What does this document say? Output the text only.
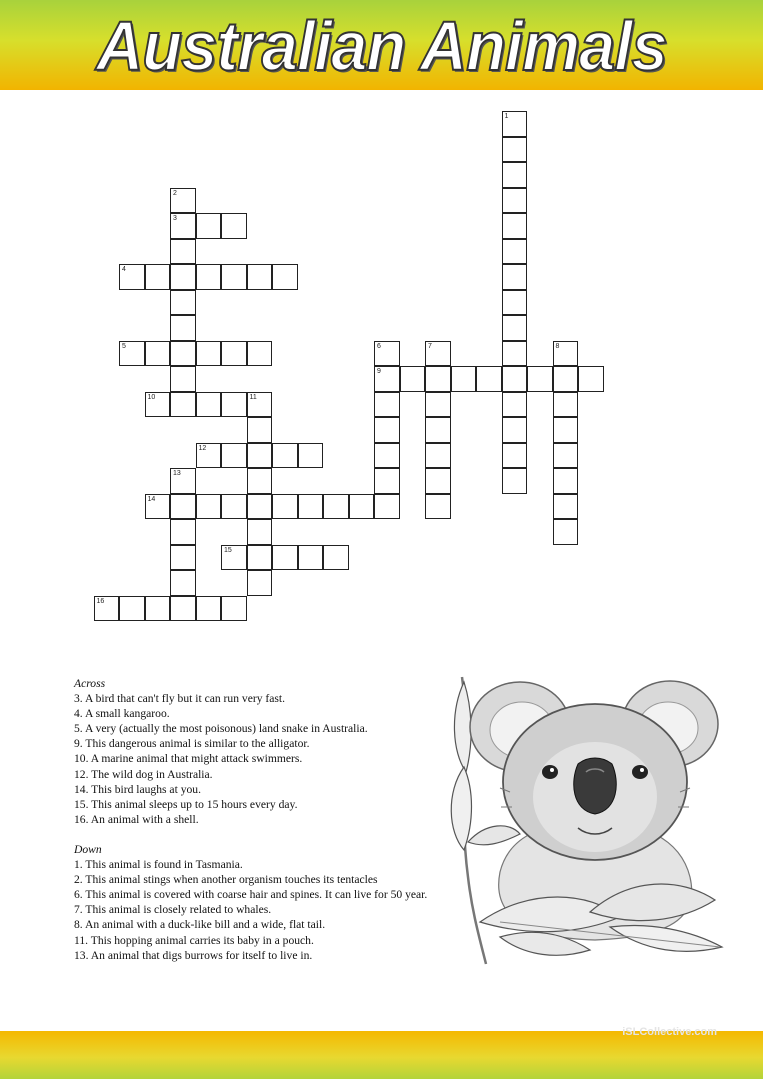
Australian Animals
1
2
3
4
5	6
9
7	8
10	11
12
13
14
15
16
Across
3. A bird that can't fly but it can run very fast.
4. A small kangaroo.
5. A very (actually the most poisonous) land snake in Australia.
9. This dangerous animal is similar to the alligator.
10. A marine animal that might attack swimmers.
12. The wild dog in Australia.
14. This bird laughs at you.
15. This animal sleeps up to 15 hours every day.
16. An animal with a shell.
Down
1. This animal is found in Tasmania.
2. This animal stings when another organism touches its tentacles
6. This animal is covered with coarse hair and spines. It can live for 50 year.
7. This animal is closely related to whales.
8. An animal with a duck-like bill and a wide, flat tail.
11. This hopping animal carries its baby in a pouch.
13. An animal that digs burrows for itself to live in.
iSLCollective.com
